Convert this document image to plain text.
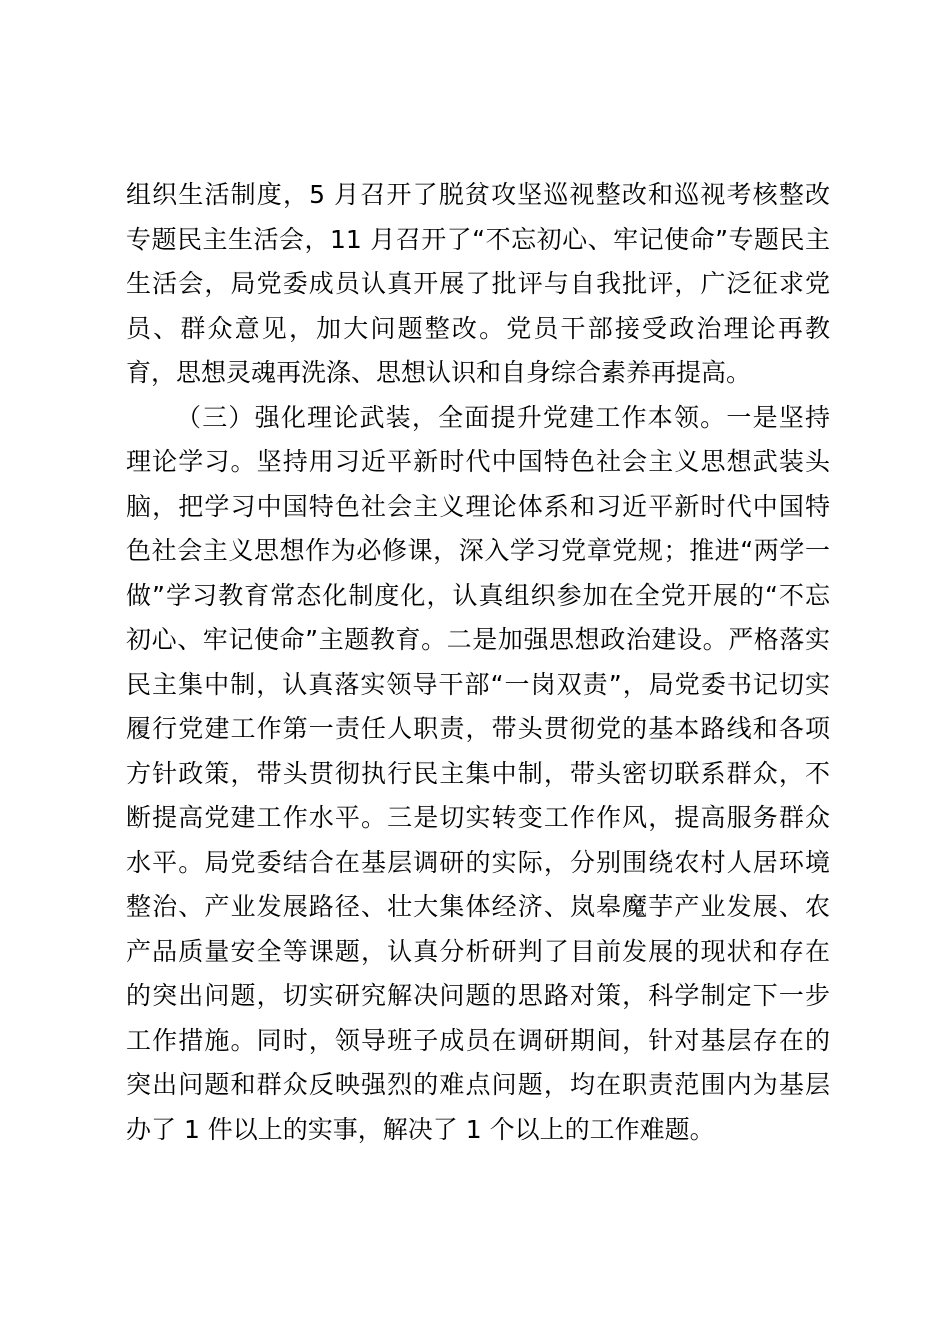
组织生活制度，5 月召开了脱贫攻坚巡视整改和巡视考核整改
专题民主生活会，11 月召开了“不忘初心、牢记使命”专题民主
生活会，局党委成员认真开展了批评与自我批评，广泛征求党
员、群众意见，加大问题整改。党员干部接受政治理论再教
育，思想灵魂再洗涤、思想认识和自身综合素养再提高。
（三）强化理论武装，全面提升党建工作本领。一是坚持
理论学习。坚持用习近平新时代中国特色社会主义思想武装头
脑，把学习中国特色社会主义理论体系和习近平新时代中国特
色社会主义思想作为必修课，深入学习党章党规；推进“两学一
做”学习教育常态化制度化，认真组织参加在全党开展的“不忘
初心、牢记使命”主题教育。二是加强思想政治建设。严格落实
民主集中制，认真落实领导干部“一岗双责”，局党委书记切实
履行党建工作第一责任人职责，带头贯彻党的基本路线和各项
方针政策，带头贯彻执行民主集中制，带头密切联系群众，不
断提高党建工作水平。三是切实转变工作作风，提高服务群众
水平。局党委结合在基层调研的实际，分别围绕农村人居环境
整治、产业发展路径、壮大集体经济、岚皋魔芋产业发展、农
产品质量安全等课题，认真分析研判了目前发展的现状和存在
的突出问题，切实研究解决问题的思路对策，科学制定下一步
工作措施。同时，领导班子成员在调研期间，针对基层存在的
突出问题和群众反映强烈的难点问题，均在职责范围内为基层
办了 1 件以上的实事，解决了 1 个以上的工作难题。
